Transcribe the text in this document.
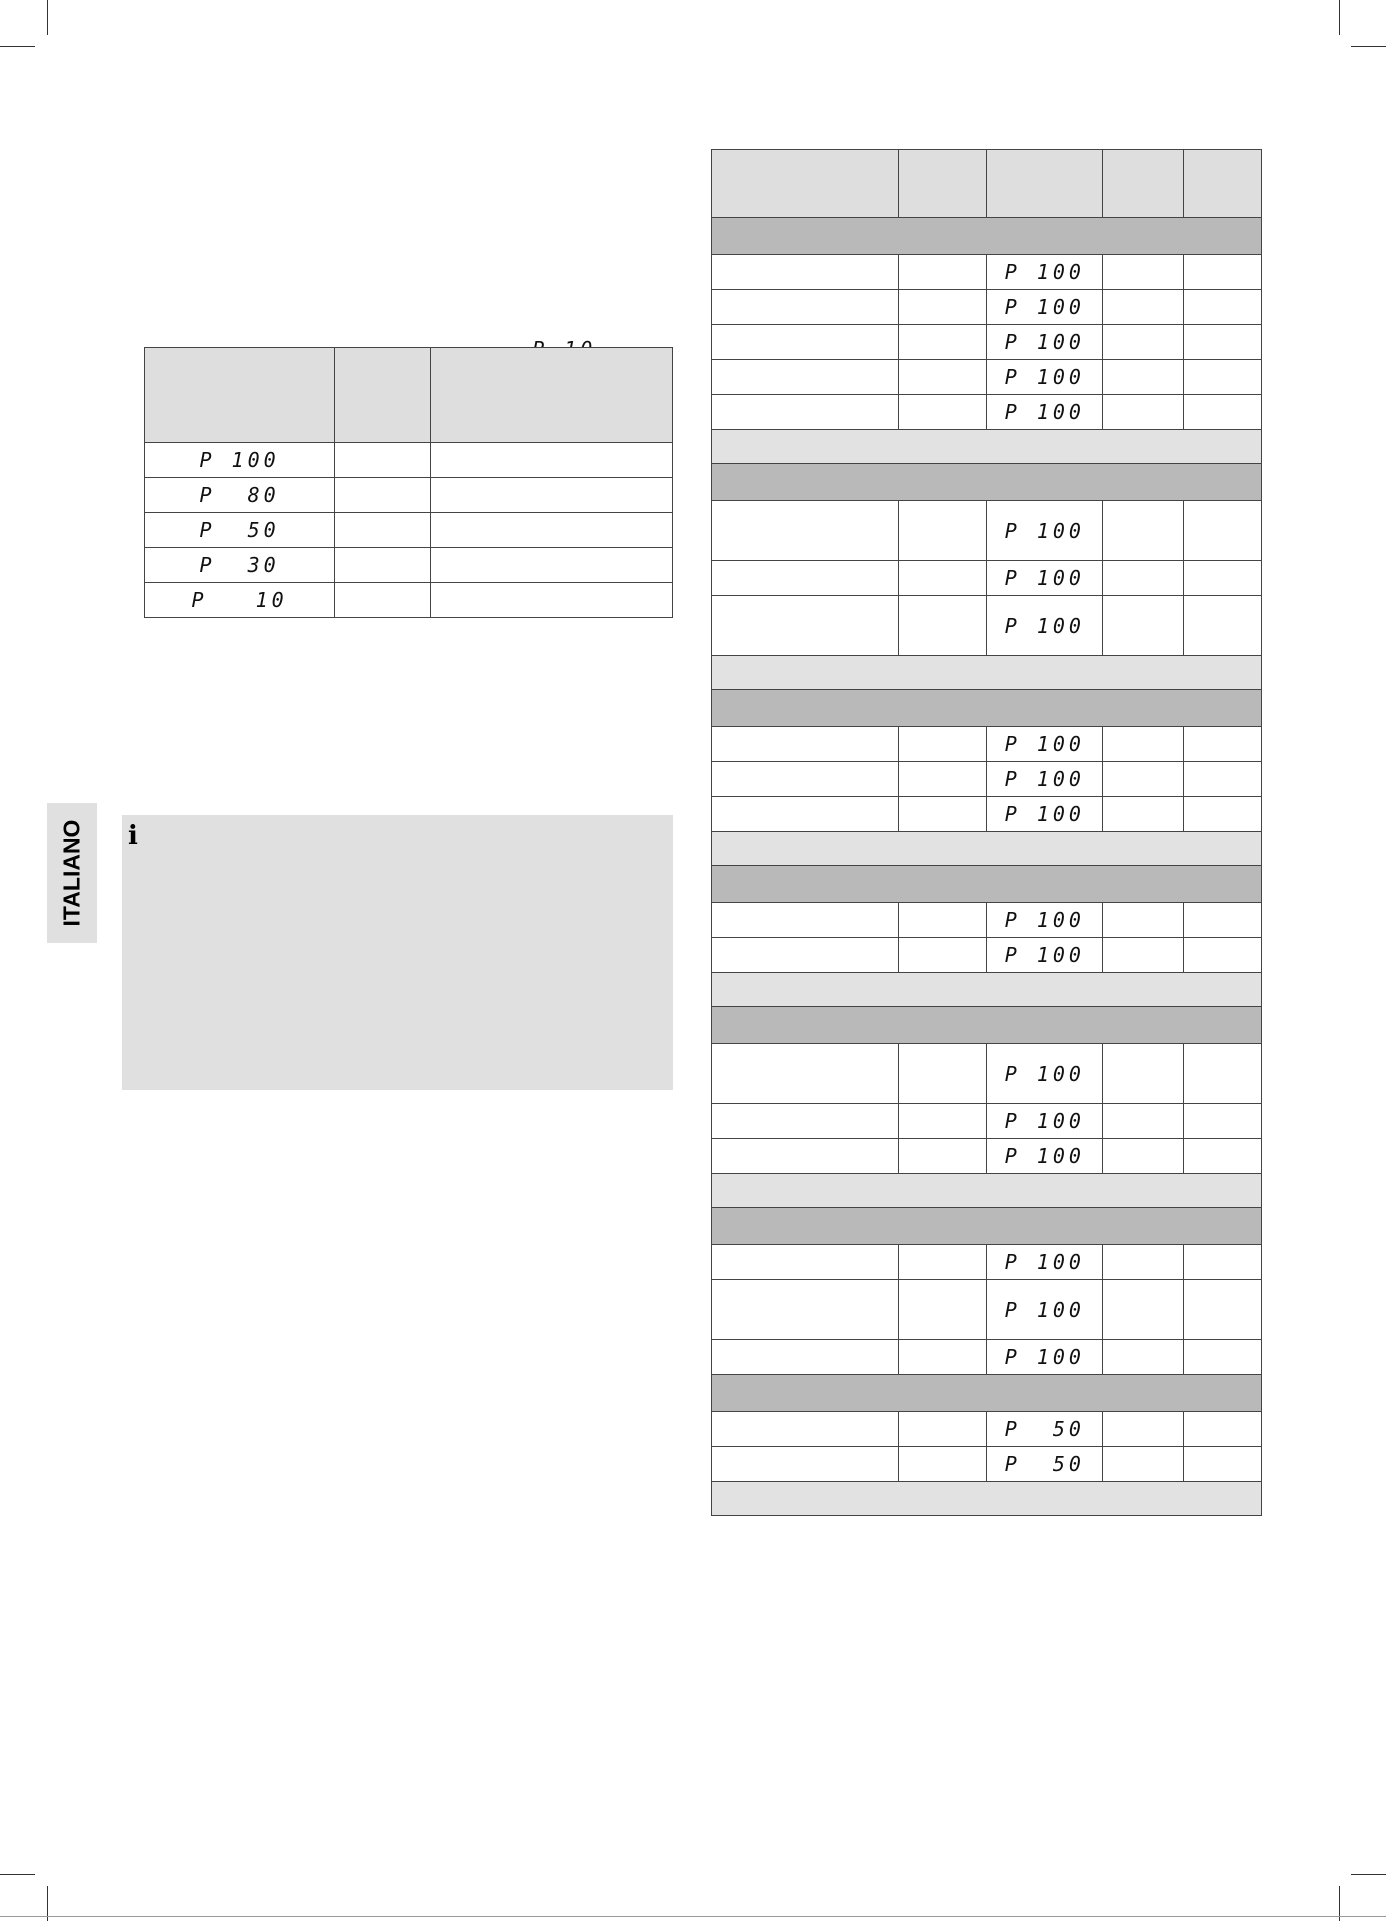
P 100		
P  80		
P  50		
P  30		
P   10		
ITALIANO i

		P 100		
		P 100		
		P 100		
		P 100		
		P 100		

		P 100		
		P 100		
		P 100		

		P 100		
		P 100		
		P 100		

		P 100		
		P 100		

		P 100		
		P 100		
		P 100		

		P 100		
		P 100		
		P 100		

		P  50		
		P  50		
